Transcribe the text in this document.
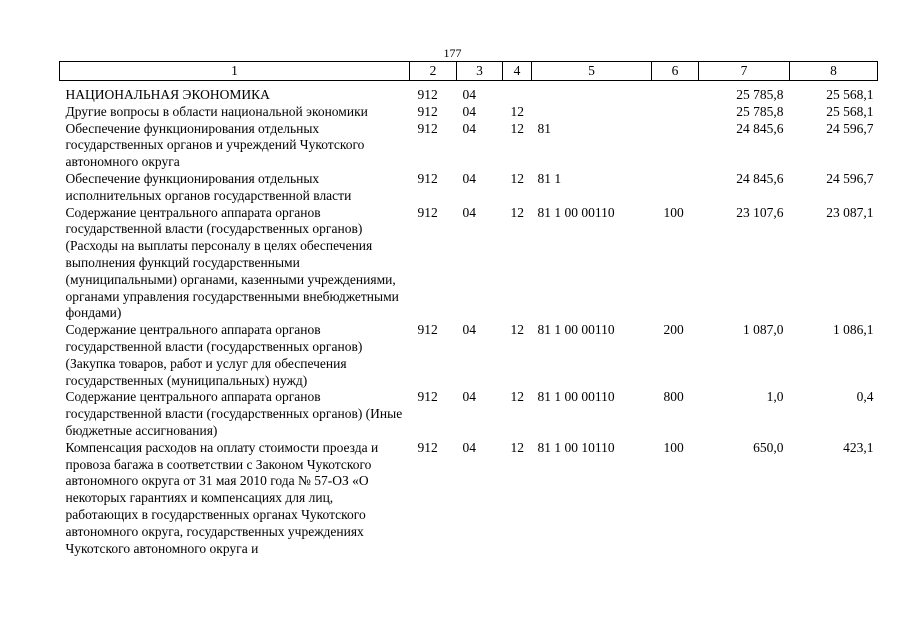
177
1	2	3	4	5	6	7	8
НАЦИОНАЛЬНАЯ ЭКОНОМИКА	912	04				25 785,8	25 568,1
Другие вопросы в области национальной экономики	912	04	12			25 785,8	25 568,1
Обеспечение функционирования отдельных государственных органов и учреждений Чукотского автономного округа	912	04	12	81		24 845,6	24 596,7
Обеспечение функционирования отдельных исполнительных органов государственной власти	912	04	12	81 1		24 845,6	24 596,7
Содержание центрального аппарата органов государственной власти (государственных органов) (Расходы на выплаты персоналу в целях обеспечения выполнения функций государственными (муниципальными) органами, казенными учреждениями, органами управления государственными внебюджетными фондами)	912	04	12	81 1 00 00110	100	23 107,6	23 087,1
Содержание центрального аппарата органов государственной власти (государственных органов) (Закупка товаров, работ и услуг для обеспечения государственных (муниципальных) нужд)	912	04	12	81 1 00 00110	200	1 087,0	1 086,1
Содержание центрального аппарата органов государственной власти (государственных органов) (Иные бюджетные ассигнования)	912	04	12	81 1 00 00110	800	1,0	0,4
Компенсация расходов на оплату стоимости проезда и провоза багажа в соответствии с Законом Чукотского автономного округа от 31 мая 2010 года № 57-ОЗ «О некоторых гарантиях и компенсациях для лиц, работающих в государственных органах Чукотского автономного округа, государственных учреждениях Чукотского автономного округа и	912	04	12	81 1 00 10110	100	650,0	423,1
